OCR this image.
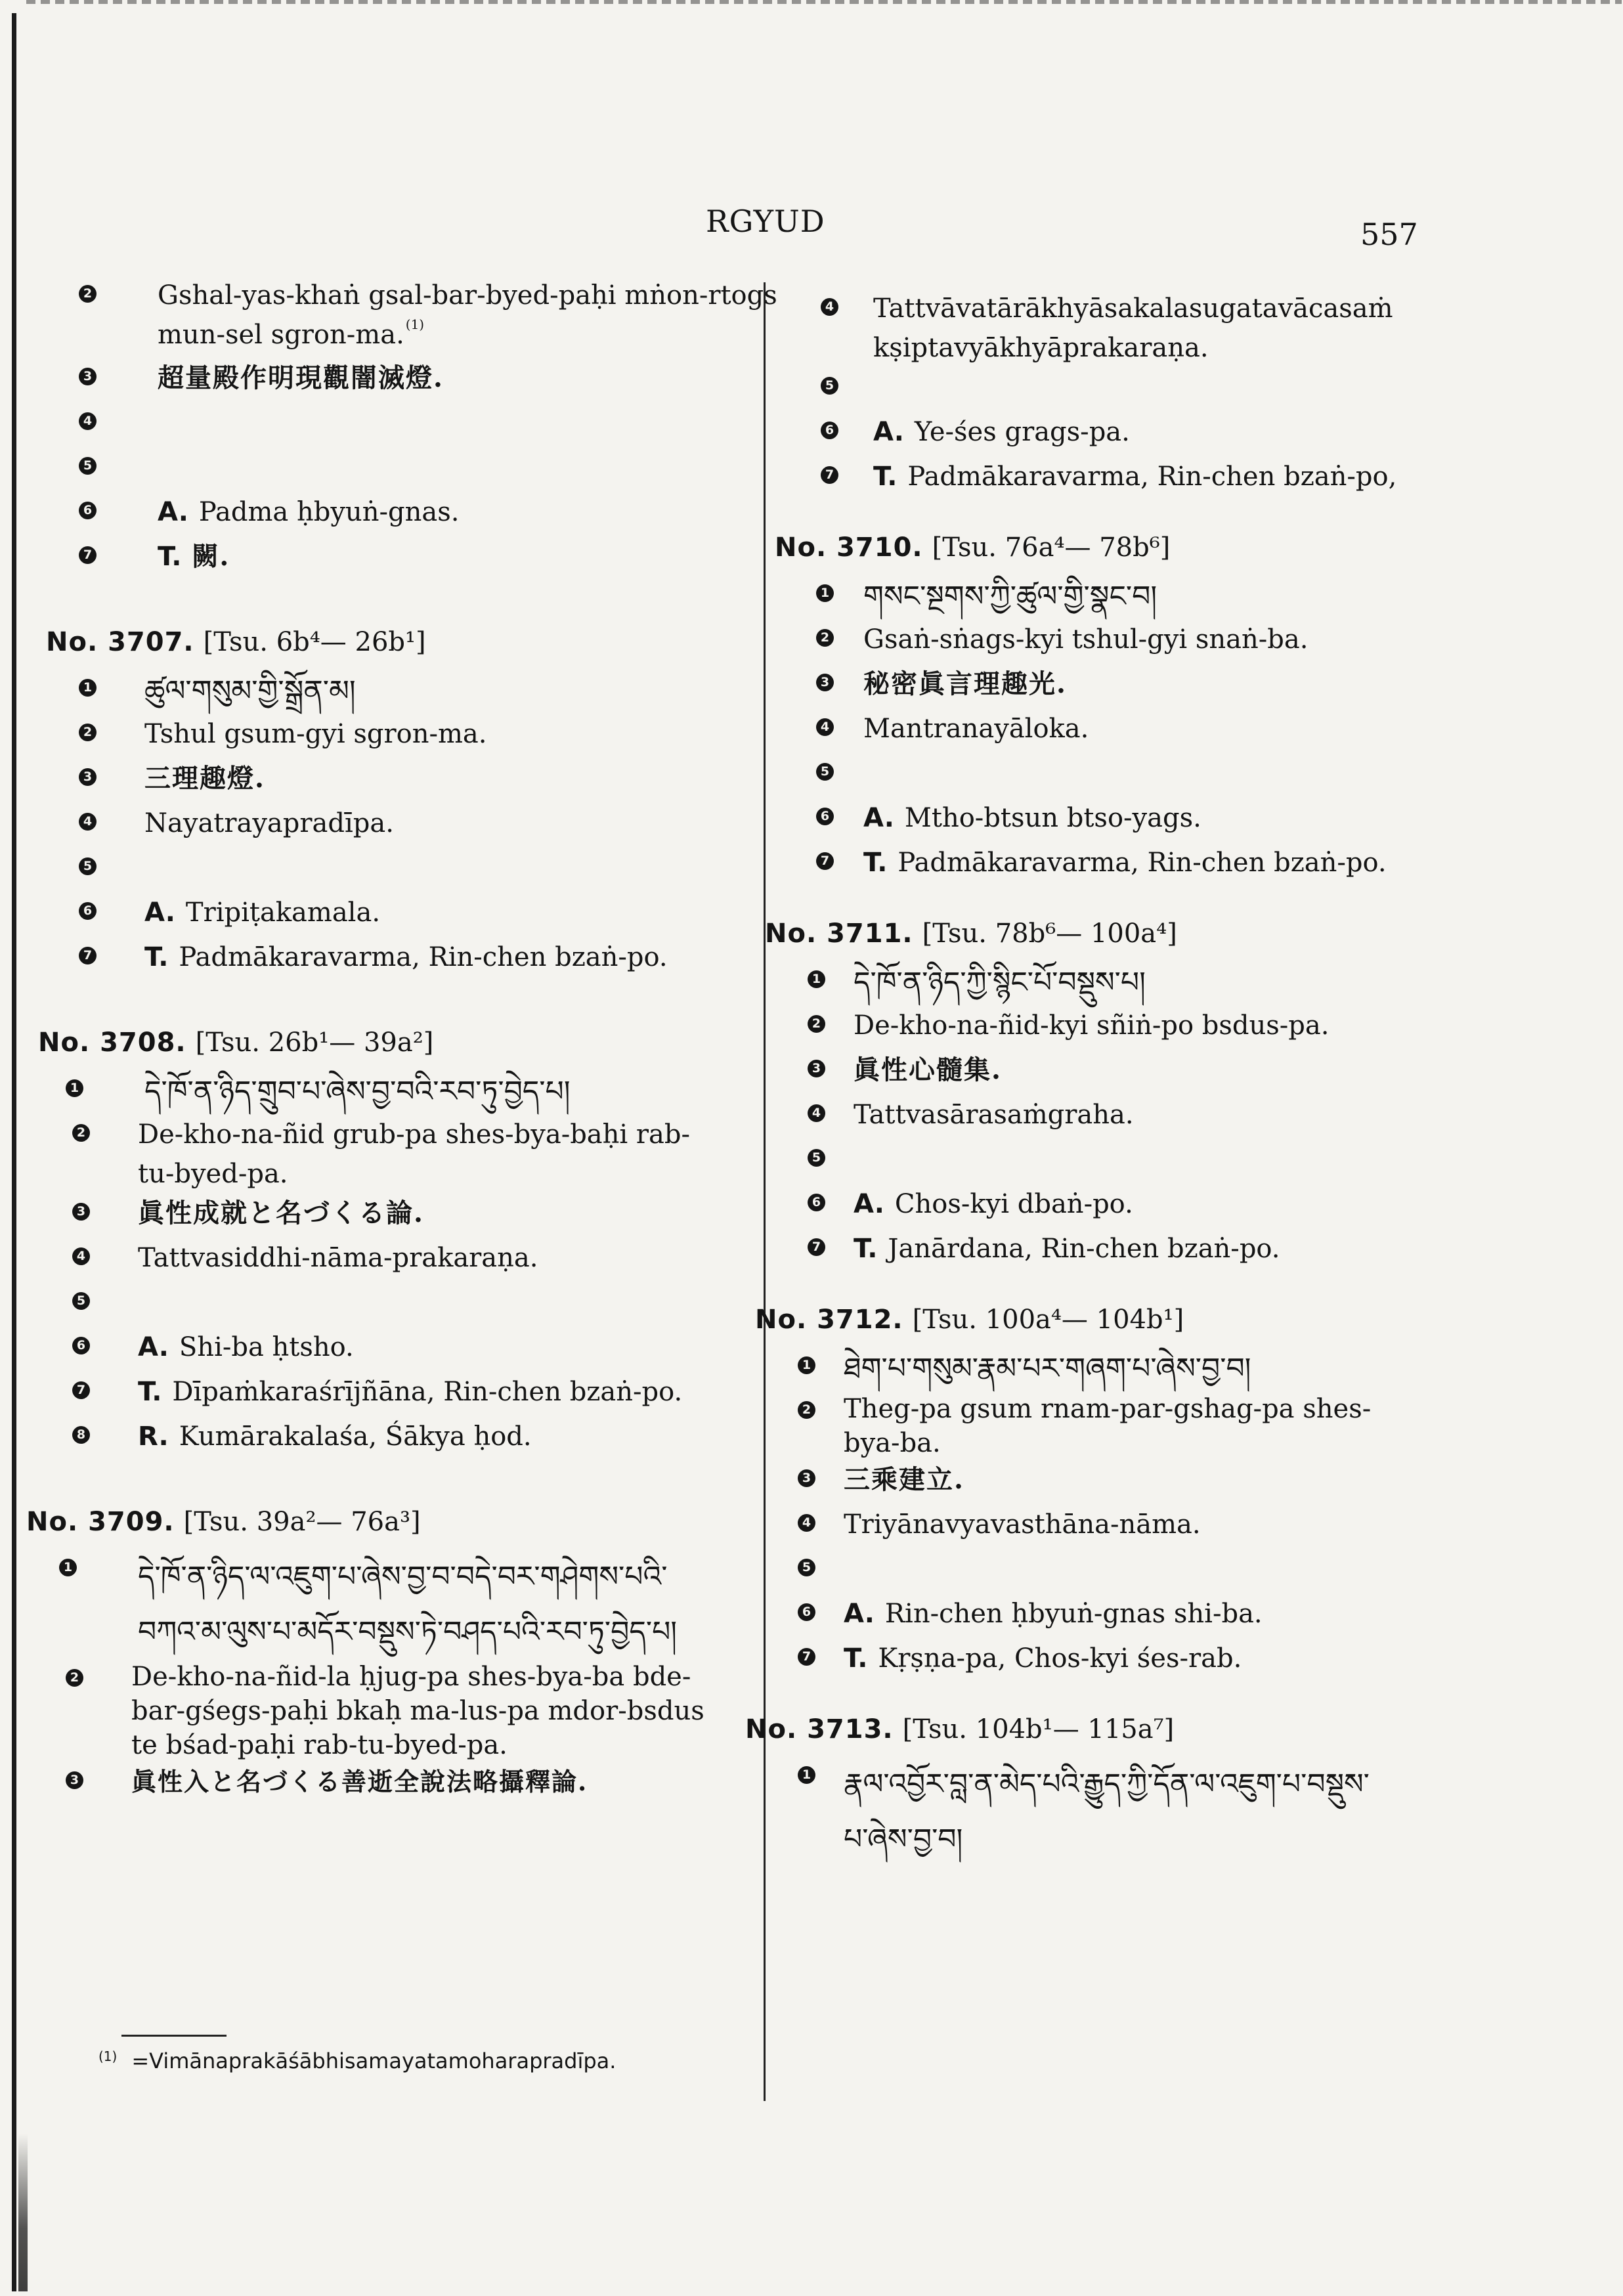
RGYUD	557
2 Gshal-yas-khaṅ gsal-bar-byed-paḥi mṅon-rtogs mun-sel sgron-ma. $^{(1)}$
3 超量殿作明現觀闇滅燈.
4
5
6 A. Padma ḥbyuṅ-gnas.
7 T. 闕.
No. 3707. [Tsu. 6b⁴— 26b¹]
1 ཚུལ་གསུམ་གྱི་སྒྲོན་མ།
2 Tshul gsum-gyi sgron-ma.
3 三理趣燈.
4 Nayatrayapradīpa.
5
6 A. Tripiṭakamala.
7 T. Padmākaravarma, Rin-chen bzaṅ-po.
No. 3708. [Tsu. 26b¹— 39a²]
1 དེ་ཁོ་ན་ཉིད་གྲུབ་པ་ཞེས་བྱ་བའི་རབ་ཏུ་བྱེད་པ།
2 De-kho-na-ñid grub-pa shes-bya-baḥi rab-tu-byed-pa.
3 眞性成就と名づくる論.
4 Tattvasiddhi-nāma-prakaraṇa.
5
6 A. Shi-ba ḥtsho.
7 T. Dīpaṁkaraśrījñāna, Rin-chen bzaṅ-po.
8 R. Kumārakalaśa, Śākya ḥod.
No. 3709. [Tsu. 39a²— 76a³]
1 དེ་ཁོ་ན་ཉིད་ལ་འཇུག་པ་ཞེས་བྱ་བ་བདེ་བར་གཤེགས་པའི་བཀའ་མ་ལུས་པ་མདོར་བསྡུས་ཏེ་བཤད་པའི་རབ་ཏུ་བྱེད་པ།
2 De-kho-na-ñid-la ḥjug-pa shes-bya-ba bde-bar-gśegs-paḥi bkaḥ ma-lus-pa mdor-bsdus te bśad-paḥi rab-tu-byed-pa.
3 眞性入と名づくる善逝全說法略攝釋論.
4 Tattvāvatārākhyāsakalasugatavācasaṁkṣiptavyākhyāprakaraṇa.
5
6 A. Ye-śes grags-pa.
7 T. Padmākaravarma, Rin-chen bzaṅ-po,
No. 3710. [Tsu. 76a⁴— 78b⁶]
1 གསང་སྔགས་ཀྱི་ཚུལ་གྱི་སྣང་བ།
2 Gsaṅ-sṅags-kyi tshul-gyi snaṅ-ba.
3 秘密眞言理趣光.
4 Mantranayāloka.
5
6 A. Mtho-btsun btso-yags.
7 T. Padmākaravarma, Rin-chen bzaṅ-po.
No. 3711. [Tsu. 78b⁶— 100a⁴]
1 དེ་ཁོ་ན་ཉིད་ཀྱི་སྙིང་པོ་བསྡུས་པ།
2 De-kho-na-ñid-kyi sñiṅ-po bsdus-pa.
3 眞性心髓集.
4 Tattvasārasaṁgraha.
5
6 A. Chos-kyi dbaṅ-po.
7 T. Janārdana, Rin-chen bzaṅ-po.
No. 3712. [Tsu. 100a⁴— 104b¹]
1 ཐེག་པ་གསུམ་རྣམ་པར་གཞག་པ་ཞེས་བྱ་བ།
2 Theg-pa gsum rnam-par-gshag-pa shes-bya-ba.
3 三乘建立.
4 Triyānavyavasthāna-nāma.
5
6 A. Rin-chen ḥbyuṅ-gnas shi-ba.
7 T. Kṛṣṇa-pa, Chos-kyi śes-rab.
No. 3713. [Tsu. 104b¹— 115a⁷]
1 རྣལ་འབྱོར་བླ་ན་མེད་པའི་རྒྱུད་ཀྱི་དོན་ལ་འཇུག་པ་བསྡུས་པ་ཞེས་བྱ་བ།
$^{(1)}$ =Vimānaprakāśābhisamayatamoharapradīpa.
